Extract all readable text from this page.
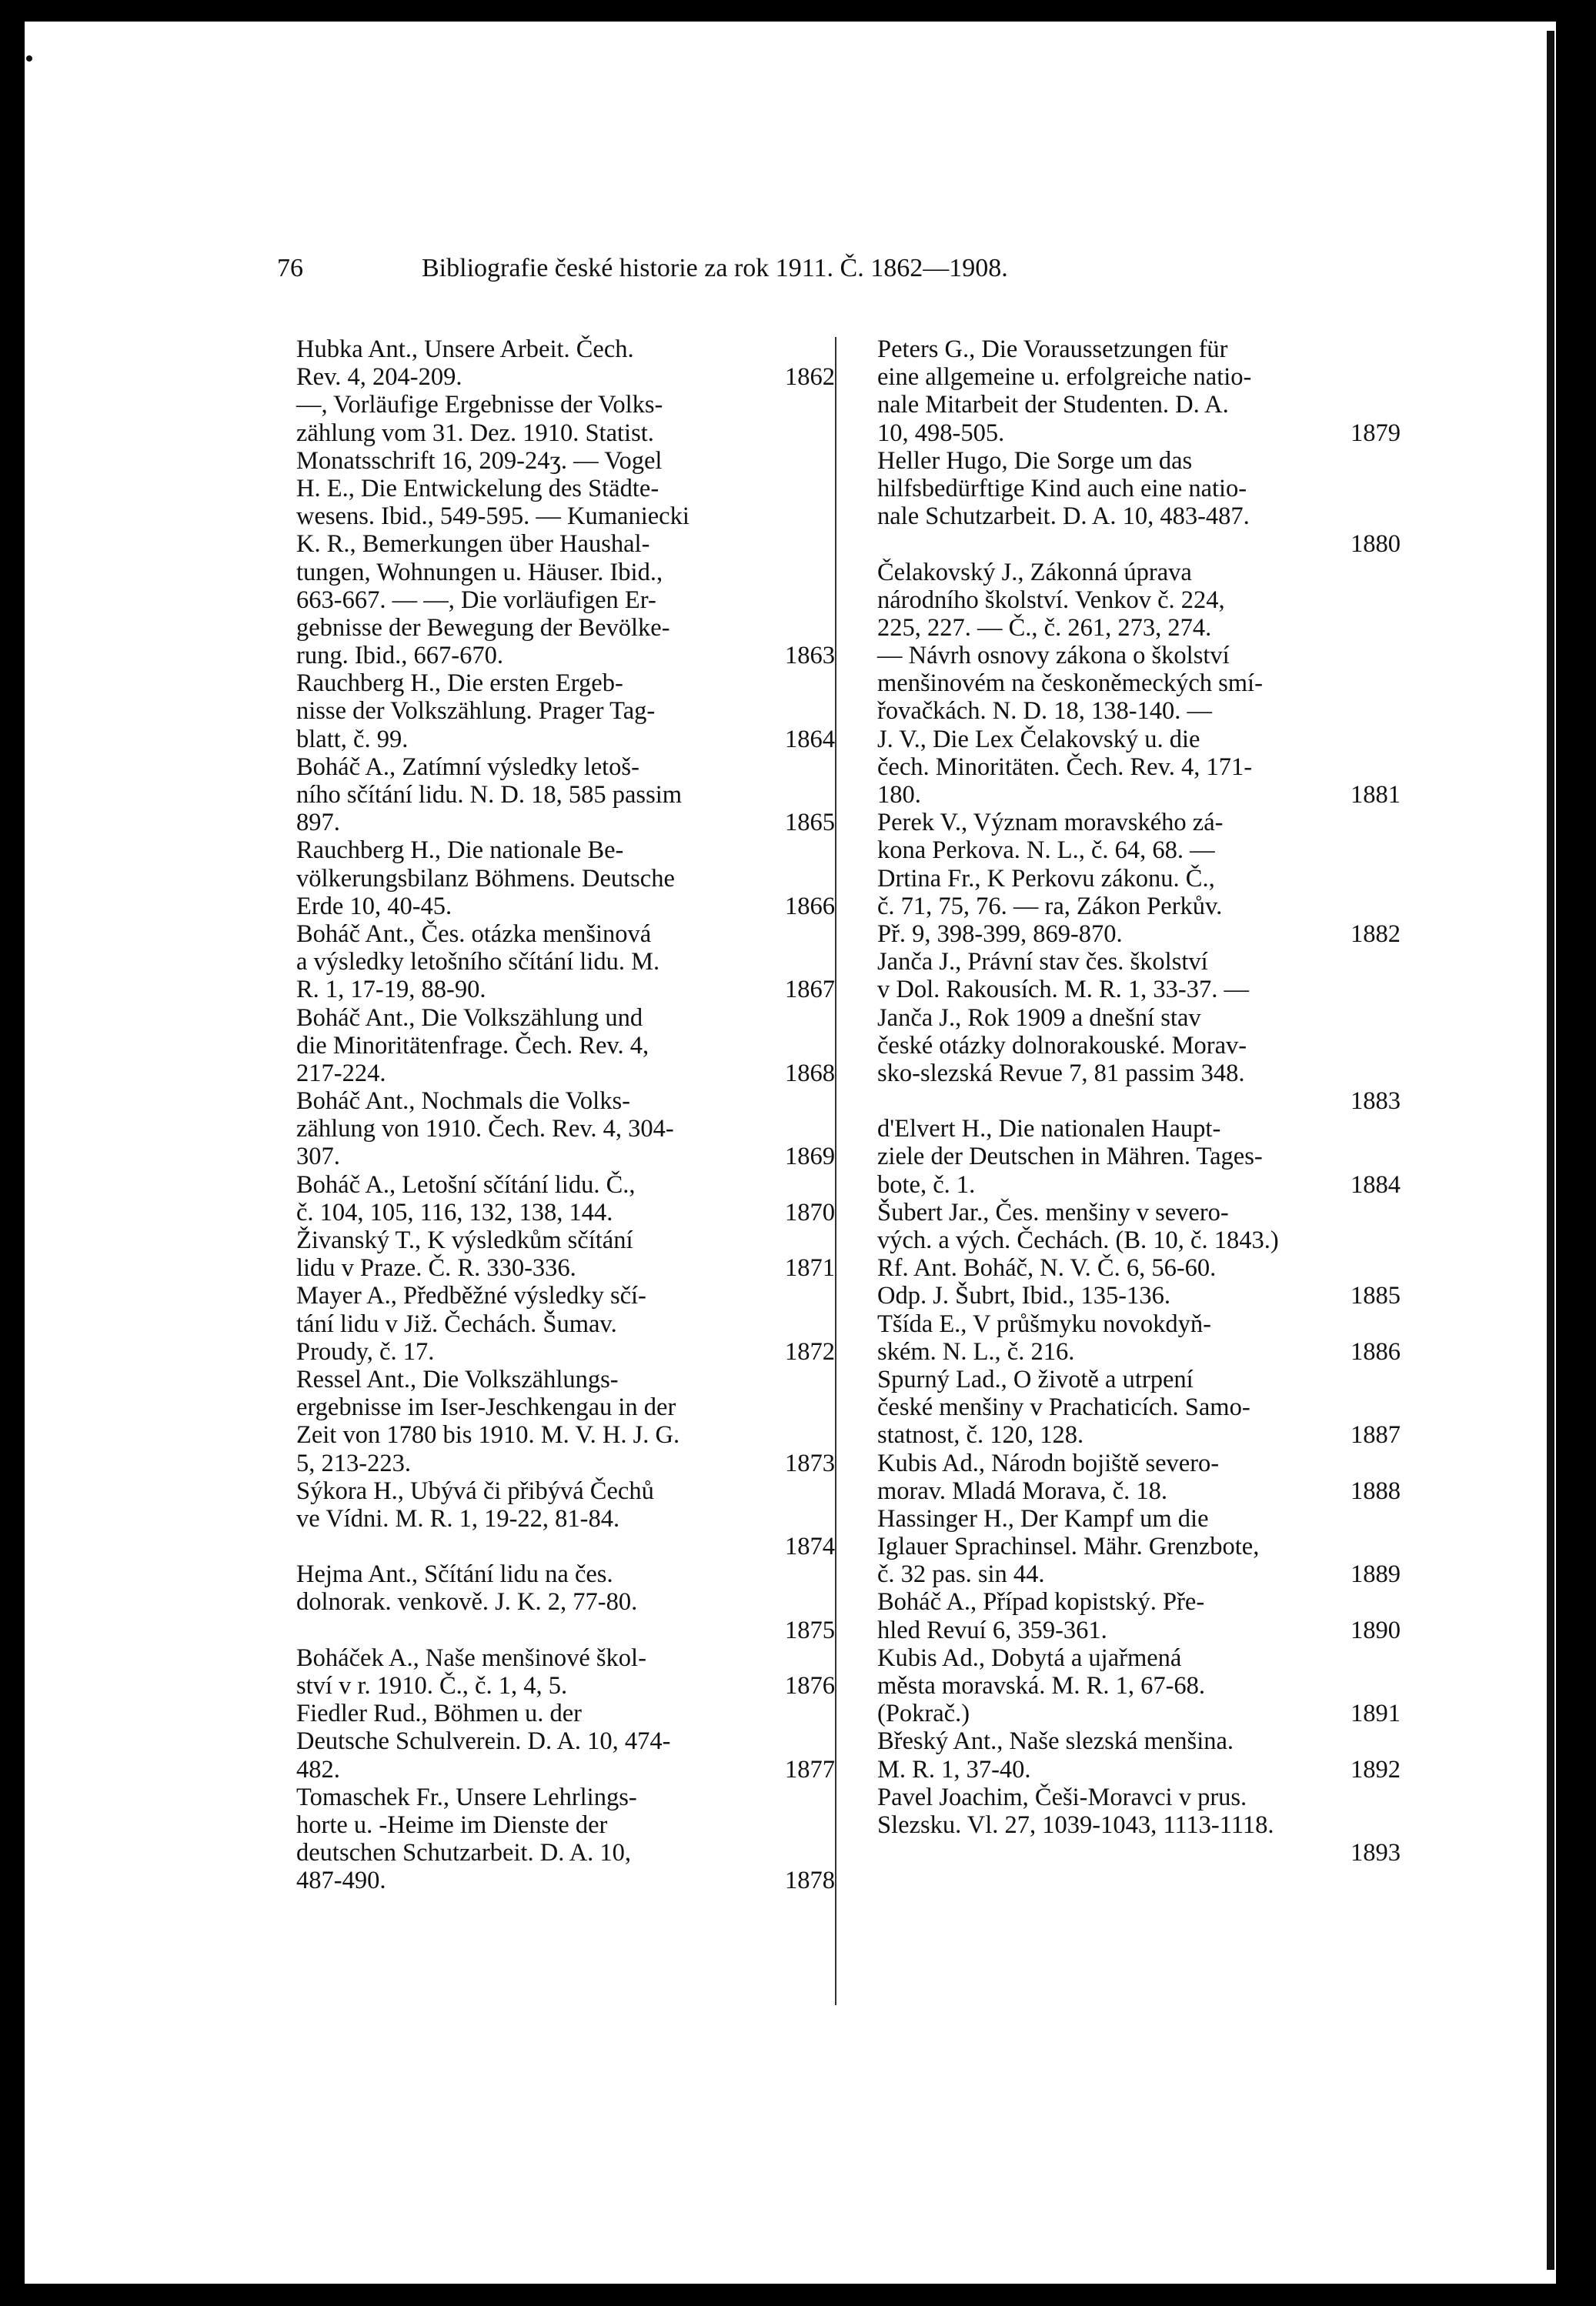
76	Bibliografie české historie za rok 1911. Č. 1862—1908.
Hubka Ant., Unsere Arbeit. Čech.
Rev. 4, 204-209.	1862
—, Vorläufige Ergebnisse der Volks-
zählung vom 31. Dez. 1910. Statist.
Monatsschrift 16, 209-24ʒ. — Vogel
H. E., Die Entwickelung des Städte-
wesens. Ibid., 549-595. — Kumaniecki
K. R., Bemerkungen über Haushal-
tungen, Wohnungen u. Häuser. Ibid.,
663-667. — —, Die vorläufigen Er-
gebnisse der Bewegung der Bevölke-
rung. Ibid., 667-670.	1863
Rauchberg H., Die ersten Ergeb-
nisse der Volkszählung. Prager Tag-
blatt, č. 99.	1864
Boháč A., Zatímní výsledky letoš-
ního sčítání lidu. N. D. 18, 585 passim
897.	1865
Rauchberg H., Die nationale Be-
völkerungsbilanz Böhmens. Deutsche
Erde 10, 40-45.	1866
Boháč Ant., Čes. otázka menšinová
a výsledky letošního sčítání lidu. M.
R. 1, 17-19, 88-90.	1867
Boháč Ant., Die Volkszählung und
die Minoritätenfrage. Čech. Rev. 4,
217-224.	1868
Boháč Ant., Nochmals die Volks-
zählung von 1910. Čech. Rev. 4, 304-
307.	1869
Boháč A., Letošní sčítání lidu. Č.,
č. 104, 105, 116, 132, 138, 144.	1870
Živanský T., K výsledkům sčítání
lidu v Praze. Č. R. 330-336.	1871
Mayer A., Předběžné výsledky sčí-
tání lidu v Již. Čechách. Šumav.
Proudy, č. 17.	1872
Ressel Ant., Die Volkszählungs-
ergebnisse im Iser-Jeschkengau in der
Zeit von 1780 bis 1910. M. V. H. J. G.
5, 213-223.	1873
Sýkora H., Ubývá či přibývá Čechů
ve Vídni. M. R. 1, 19-22, 81-84.
1874
Hejma Ant., Sčítání lidu na čes.
dolnorak. venkově. J. K. 2, 77-80.
1875
Boháček A., Naše menšinové škol-
ství v r. 1910. Č., č. 1, 4, 5.	1876
Fiedler Rud., Böhmen u. der
Deutsche Schulverein. D. A. 10, 474-
482.	1877
Tomaschek Fr., Unsere Lehrlings-
horte u. -Heime im Dienste der
deutschen Schutzarbeit. D. A. 10,
487-490.	1878
Peters G., Die Voraussetzungen für
eine allgemeine u. erfolgreiche natio-
nale Mitarbeit der Studenten. D. A.
10, 498-505.	1879
Heller Hugo, Die Sorge um das
hilfsbedürftige Kind auch eine natio-
nale Schutzarbeit. D. A. 10, 483-487.
1880
Čelakovský J., Zákonná úprava
národního školství. Venkov č. 224,
225, 227. — Č., č. 261, 273, 274.
— Návrh osnovy zákona o školství
menšinovém na českoněmeckých smí-
řovačkách. N. D. 18, 138-140. —
J. V., Die Lex Čelakovský u. die
čech. Minoritäten. Čech. Rev. 4, 171-
180.	1881
Perek V., Význam moravského zá-
kona Perkova. N. L., č. 64, 68. —
Drtina Fr., K Perkovu zákonu. Č.,
č. 71, 75, 76. — ra, Zákon Perkův.
Př. 9, 398-399, 869-870.	1882
Janča J., Právní stav čes. školství
v Dol. Rakousích. M. R. 1, 33-37. —
Janča J., Rok 1909 a dnešní stav
české otázky dolnorakouské. Morav-
sko-slezská Revue 7, 81 passim 348.
1883
d'Elvert H., Die nationalen Haupt-
ziele der Deutschen in Mähren. Tages-
bote, č. 1.	1884
Šubert Jar., Čes. menšiny v severo-
vých. a vých. Čechách. (B. 10, č. 1843.)
Rf. Ant. Boháč, N. V. Č. 6, 56-60.
Odp. J. Šubrt, Ibid., 135-136.	1885
Tšída E., V průšmyku novokdyň-
ském. N. L., č. 216.	1886
Spurný Lad., O životě a utrpení
české menšiny v Prachaticích. Samo-
statnost, č. 120, 128.	1887
Kubis Ad., Národn bojiště severo-
morav. Mladá Morava, č. 18.	1888
Hassinger H., Der Kampf um die
Iglauer Sprachinsel. Mähr. Grenzbote,
č. 32 pas. sin 44.	1889
Boháč A., Případ kopistský. Pře-
hled Revuí 6, 359-361.	1890
Kubis Ad., Dobytá a ujařmená
města moravská. M. R. 1, 67-68.
(Pokrač.)	1891
Břeský Ant., Naše slezská menšina.
M. R. 1, 37-40.	1892
Pavel Joachim, Češi-Moravci v prus.
Slezsku. Vl. 27, 1039-1043, 1113-1118.
1893
